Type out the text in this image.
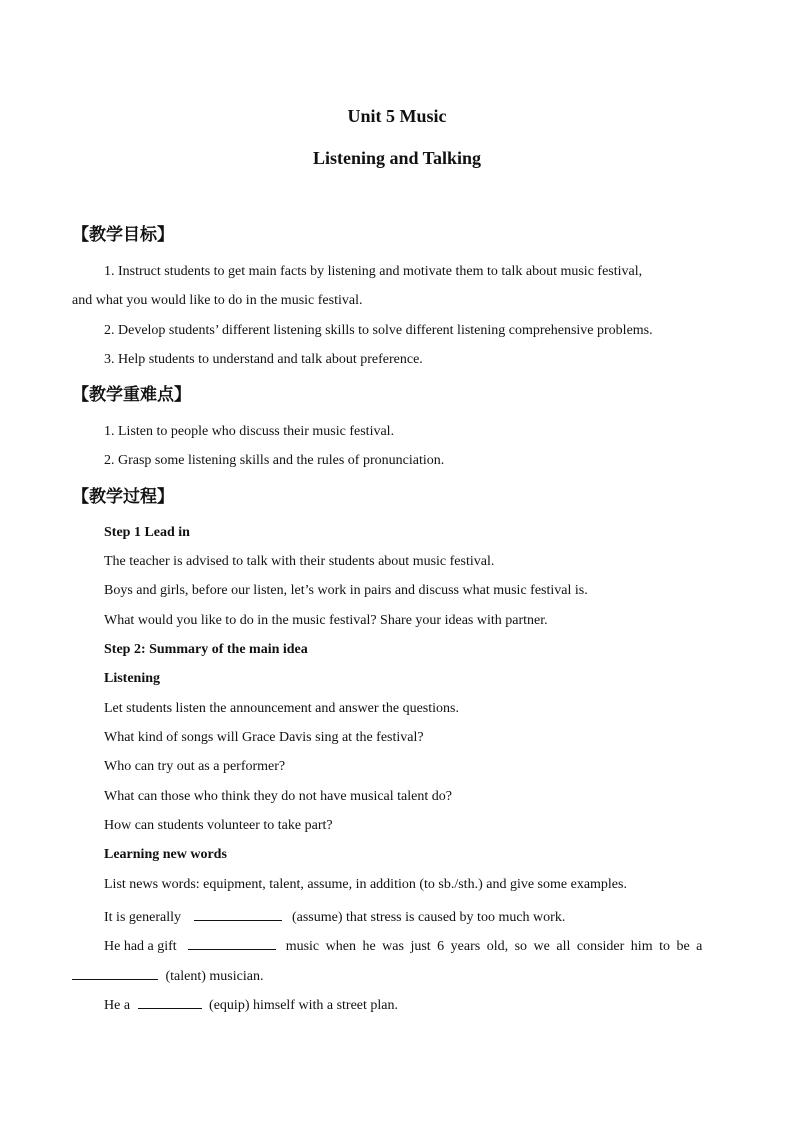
Unit 5 Music
Listening and Talking
【教学目标】
1. Instruct students to get main facts by listening and motivate them to talk about music festival,
and what you would like to do in the music festival.
2. Develop students’ different listening skills to solve different listening comprehensive problems.
3. Help students to understand and talk about preference.
【教学重难点】
1. Listen to people who discuss their music festival.
2. Grasp some listening skills and the rules of pronunciation.
【教学过程】
Step 1 Lead in
The teacher is advised to talk with their students about music festival.
Boys and girls, before our listen, let’s work in pairs and discuss what music festival is.
What would you like to do in the music festival? Share your ideas with partner.
Step 2: Summary of the main idea
Listening
Let students listen the announcement and answer the questions.
What kind of songs will Grace Davis sing at the festival?
Who can try out as a performer?
What can those who think they do not have musical talent do?
How can students volunteer to take part?
Learning new words
List news words: equipment, talent, assume, in addition (to sb./sth.) and give some examples.
It is generally	(assume) that stress is caused by too much work.
He had a gift	music when he was just 6 years old, so we all consider him to be a
(talent) musician.
He a	(equip) himself with a street plan.
